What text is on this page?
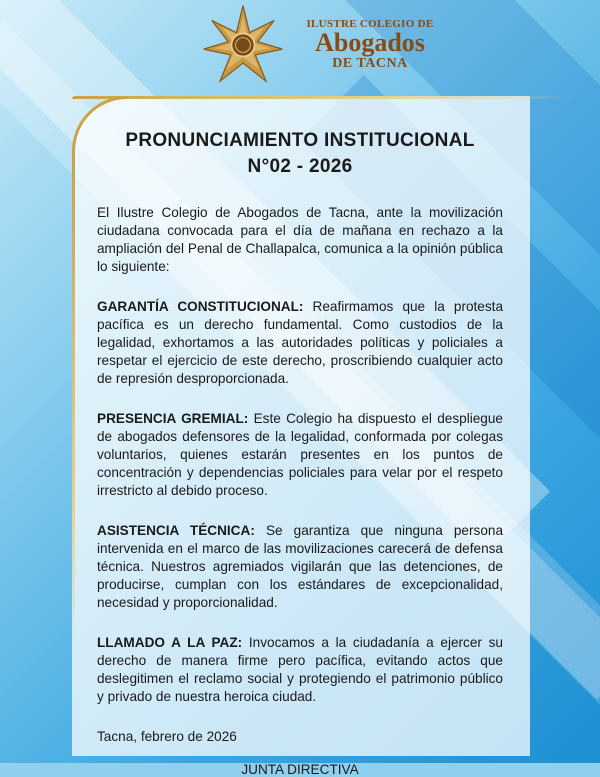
ILUSTRE COLEGIO DE
Abogados
DE TACNA
PRONUNCIAMIENTO INSTITUCIONAL
N°02 - 2026

El Ilustre Colegio de Abogados de Tacna, ante la movilización ciudadana convocada para el día de mañana en rechazo a la ampliación del Penal de Challapalca, comunica a la opinión pública lo siguiente:

GARANTÍA CONSTITUCIONAL: Reafirmamos que la protesta pacífica es un derecho fundamental. Como custodios de la legalidad, exhortamos a las autoridades políticas y policiales a respetar el ejercicio de este derecho, proscribiendo cualquier acto de represión desproporcionada.

PRESENCIA GREMIAL: Este Colegio ha dispuesto el despliegue de abogados defensores de la legalidad, conformada por colegas voluntarios, quienes estarán presentes en los puntos de concentración y dependencias policiales para velar por el respeto irrestricto al debido proceso.

ASISTENCIA TÉCNICA: Se garantiza que ninguna persona intervenida en el marco de las movilizaciones carecerá de defensa técnica. Nuestros agremiados vigilarán que las detenciones, de producirse, cumplan con los estándares de excepcionalidad, necesidad y proporcionalidad.

LLAMADO A LA PAZ: Invocamos a la ciudadanía a ejercer su derecho de manera firme pero pacífica, evitando actos que deslegitimen el reclamo social y protegiendo el patrimonio público y privado de nuestra heroica ciudad.

Tacna, febrero de 2026
JUNTA DIRECTIVA
